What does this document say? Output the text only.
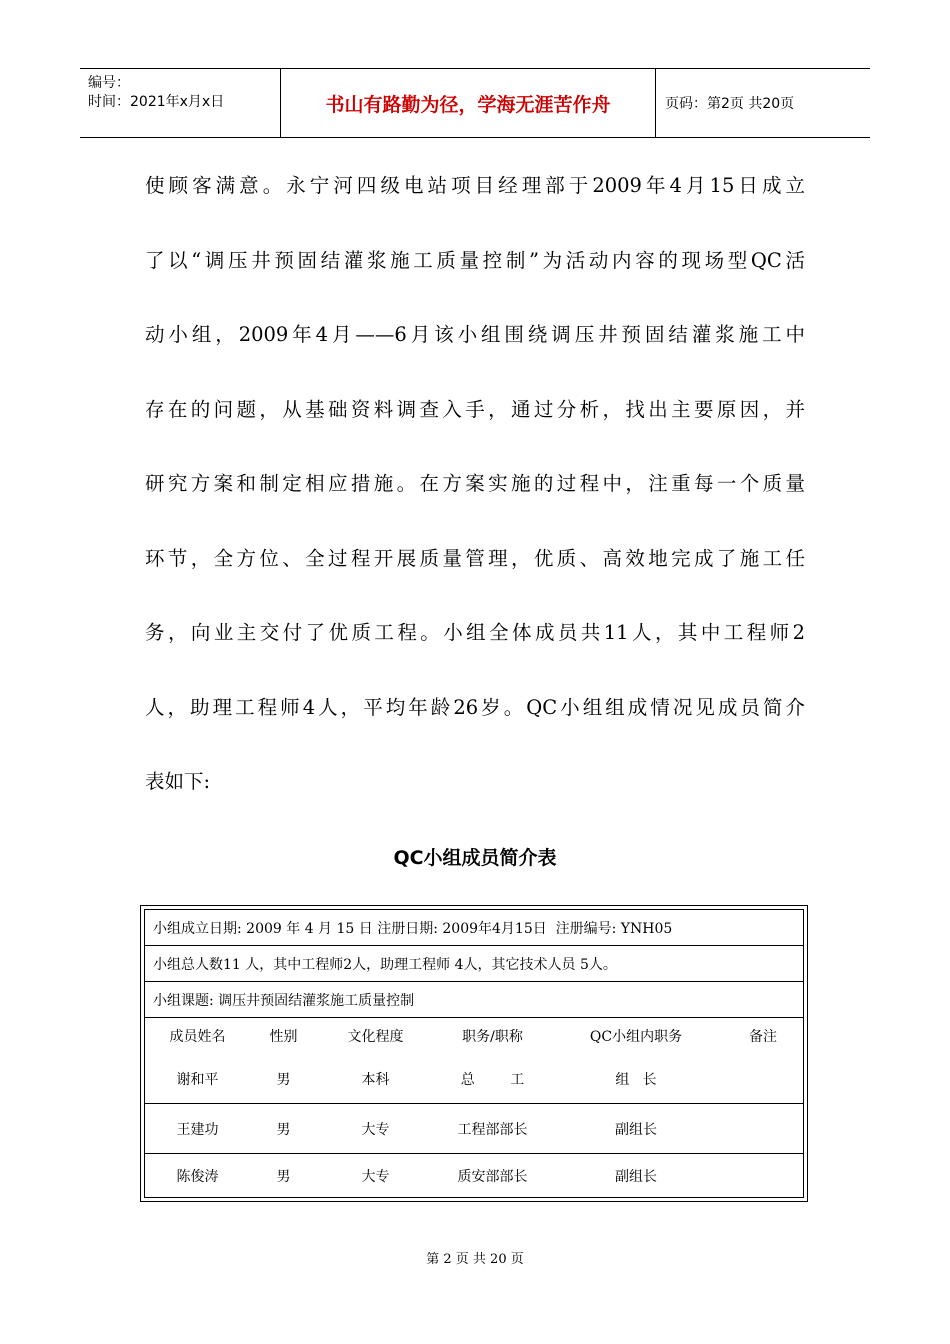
编号：
时间：2021年x月x日	书山有路勤为径，学海无涯苦作舟	页码：第2页 共20页
使顾客满意。永宁河四级电站项目经理部于2009年4月15日成立
了以“调压井预固结灌浆施工质量控制”为活动内容的现场型QC活
动小组，2009年4月——6月该小组围绕调压井预固结灌浆施工中
存在的问题，从基础资料调查入手，通过分析，找出主要原因，并
研究方案和制定相应措施。在方案实施的过程中，注重每一个质量
环节，全方位、全过程开展质量管理，优质、高效地完成了施工任
务，向业主交付了优质工程。小组全体成员共11人，其中工程师2
人，助理工程师4人，平均年龄26岁。QC小组组成情况见成员简介
表如下:
QC小组成员简介表
小组成立日期: 2009 年 4 月 15 日 注册日期: 2009年4月15日  注册编号: YNH05
小组总人数11 人，其中工程师2人，助理工程师 4人，其它技术人员 5人。
小组课题: 调压井预固结灌浆施工质量控制
成员姓名	性别	文化程度	职务/职称	QC小组内职务	备注
谢和平	男	本科	总        工	组   长
王建功	男	大专	工程部部长	副组长
陈俊涛	男	大专	质安部部长	副组长
第 2 页 共 20 页
